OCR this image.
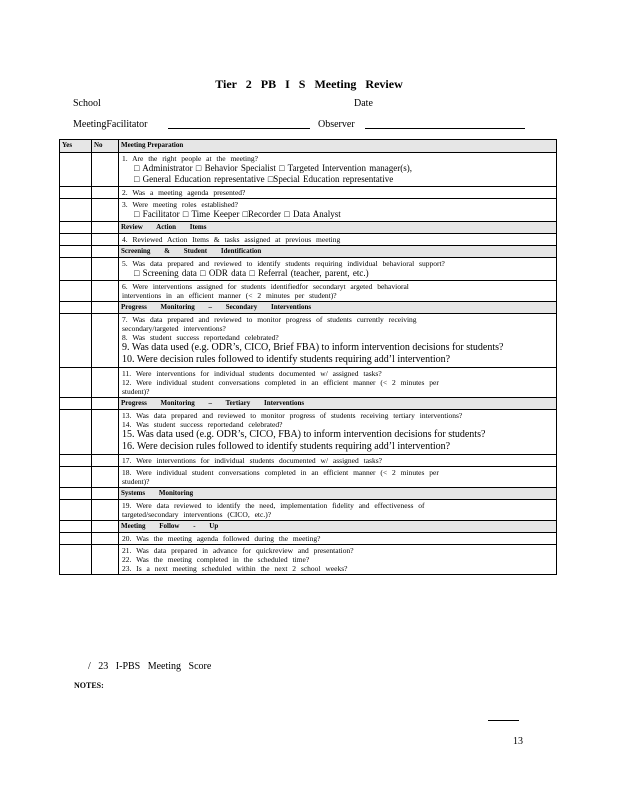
Tier 2 PB I S Meeting Review
School	Date
MeetingFacilitator	Observer
Yes	No	Meeting Preparation

		1. Are the right people at the meeting?
□ Administrator □ Behavior Specialist □ Targeted Intervention manager(s),
□ General Education representative □Special Education representative

		2. Was a meeting agenda presented?

		3. Were meeting roles established?
□ Facilitator □ Time Keeper □Recorder □ Data Analyst

		Review Action Items

		4. Reviewed Action Items & tasks assigned at previous meeting

		Screening & Student Identification

		5. Was data prepared and reviewed to identify students requiring individual behavioral support?
□ Screening data □ ODR data □ Referral (teacher, parent, etc.)

		6. Were interventions assigned for students identifiedfor secondaryt argeted behavioral
interventions in an efficient manner (< 2 minutes per student)?

		Progress Monitoring – Secondary Interventions

		7. Was data prepared and reviewed to monitor progress of students currently receiving
secondary/targeted interventions?
8. Was student success reportedand celebrated?
9. Was data used (e.g. ODR’s, CICO, Brief FBA) to inform intervention decisions for students?
10. Were decision rules followed to identify students requiring add’l intervention?

		11. Were interventions for individual students documented w/ assigned tasks?
12. Were individual student conversations completed in an efficient manner (< 2 minutes per
student)?

		Progress Monitoring – Tertiary Interventions

		13. Was data prepared and reviewed to monitor progress of students receiving tertiary interventions?
14. Was student success reportedand celebrated?
15. Was data used (e.g. ODR’s, CICO, FBA) to inform intervention decisions for students?
16. Were decision rules followed to identify students requiring add’l intervention?

		17. Were interventions for individual students documented w/ assigned tasks?

		18. Were individual student conversations completed in an efficient manner (< 2 minutes per
student)?

		Systems Monitoring

		19. Were data reviewed to identify the need, implementation fidelity and effectiveness of
targeted/secondary interventions (CICO, etc.)?

		Meeting Follow - Up

		20. Was the meeting agenda followed during the meeting?

		21. Was data prepared in advance for quickreview and presentation?
22. Was the meeting completed in the scheduled time?
23. Is a next meeting scheduled within the next 2 school weeks?
/ 23 I-PBS Meeting Score
NOTES:
13
